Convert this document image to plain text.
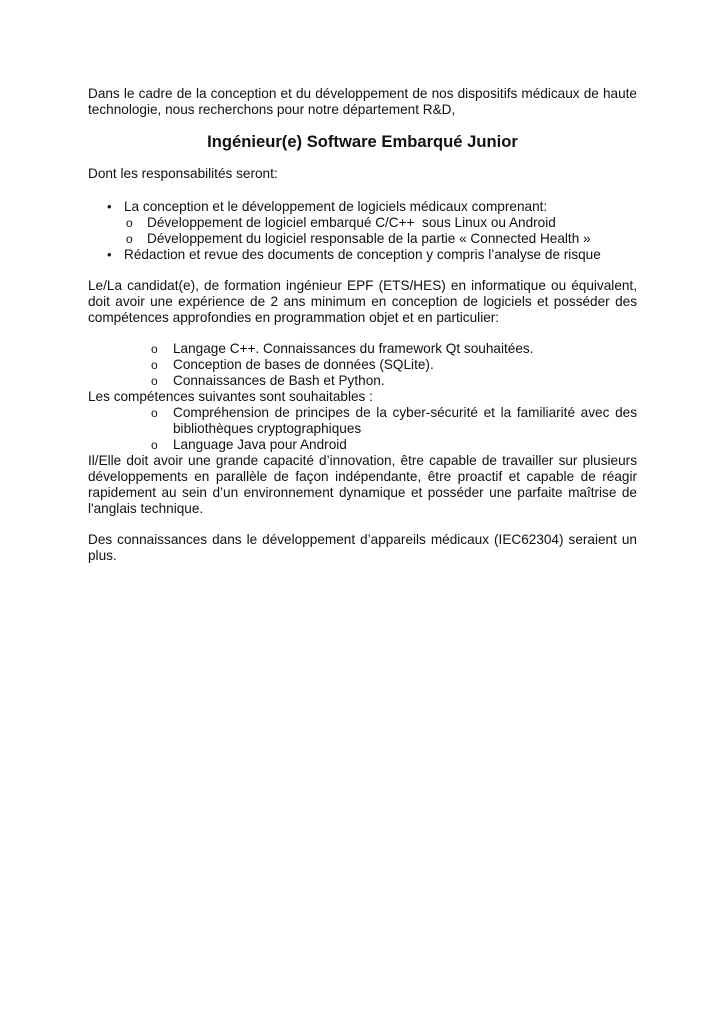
Dans le cadre de la conception et du développement de nos dispositifs médicaux de haute technologie, nous recherchons pour notre département R&D,

Ingénieur(e) Software Embarqué Junior

Dont les responsabilités seront:

• La conception et le développement de logiciels médicaux comprenant:
o Développement de logiciel embarqué C/C++  sous Linux ou Android
o Développement du logiciel responsable de la partie « Connected Health »
• Rédaction et revue des documents de conception y compris l’analyse de risque

Le/La candidat(e), de formation ingénieur EPF (ETS/HES) en informatique ou équivalent, doit avoir une expérience de 2 ans minimum en conception de logiciels et posséder des compétences approfondies en programmation objet et en particulier:

o Langage C++. Connaissances du framework Qt souhaitées.
o Conception de bases de données (SQLite).
o Connaissances de Bash et Python.

Les compétences suivantes sont souhaitables :

o Compréhension de principes de la cyber-sécurité et la familiarité avec des bibliothèques cryptographiques
o Language Java pour Android

Il/Elle doit avoir une grande capacité d’innovation, être capable de travailler sur plusieurs développements en parallèle de façon indépendante, être proactif et capable de réagir rapidement au sein d’un environnement dynamique et posséder une parfaite maîtrise de l'anglais technique.

Des connaissances dans le développement d’appareils médicaux (IEC62304) seraient un plus.
